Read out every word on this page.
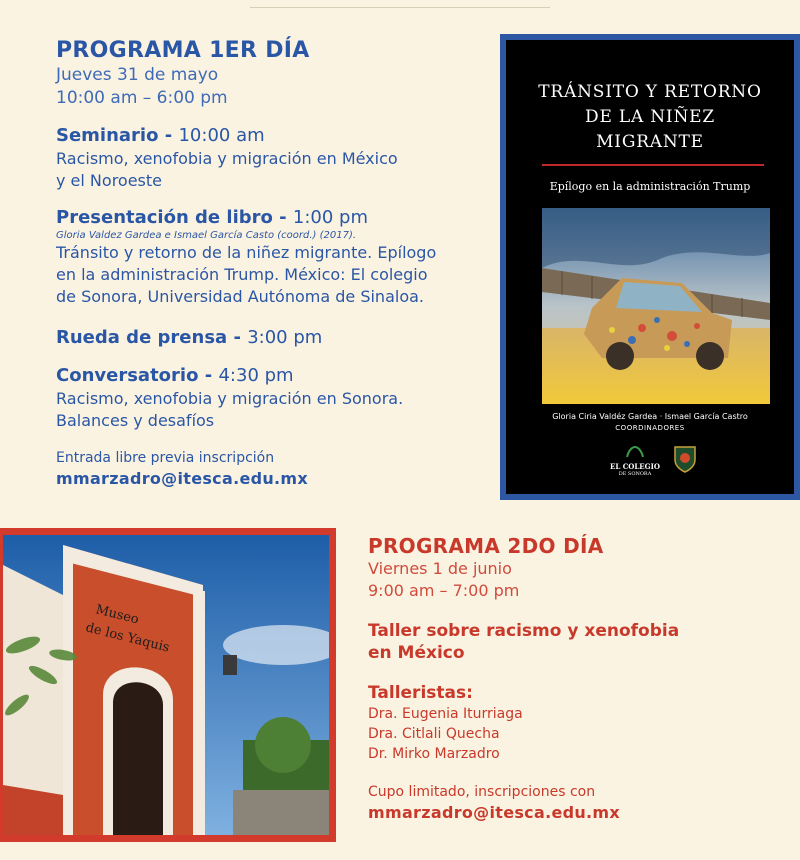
PROGRAMA 1ER DÍA
Jueves 31 de mayo
10:00 am – 6:00 pm
Seminario - 10:00 am
Racismo, xenofobia y migración en México
y el Noroeste
Presentación de libro - 1:00 pm
Gloria Valdez Gardea e Ismael García Casto (coord.) (2017).
Tránsito y retorno de la niñez migrante. Epílogo
en la administración Trump. México: El colegio
de Sonora, Universidad Autónoma de Sinaloa.
Rueda de prensa - 3:00 pm
Conversatorio - 4:30 pm
Racismo, xenofobia y migración en Sonora.
Balances y desafíos
Entrada libre previa inscripción
mmarzadro@itesca.edu.mx
TRÁNSITO Y RETORNO
DE LA NIÑEZ
MIGRANTE
Epílogo en la administración Trump
Gloria Ciria Valdéz Gardea · Ismael García Castro
COORDINADORES
EL COLEGIO
DE SONORA
Museo
de los Yaquis
PROGRAMA 2DO DÍA
Viernes 1 de junio
9:00 am – 7:00 pm
Taller sobre racismo y xenofobia
en México
Talleristas:
Dra. Eugenia Iturriaga
Dra. Citlali Quecha
Dr. Mirko Marzadro
Cupo limitado, inscripciones con
mmarzadro@itesca.edu.mx
